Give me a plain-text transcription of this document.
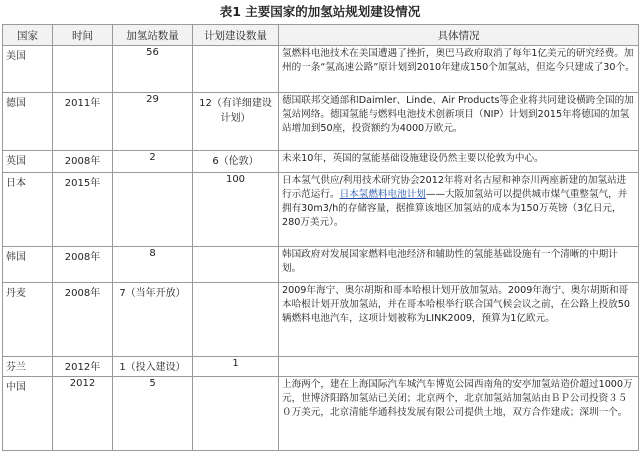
表1 主要国家的加氢站规划建设情况
国家	时间	加氢站数量	计划建设数量	具体情况
美国		56		氢燃料电池技术在美国遭遇了挫折，奥巴马政府取消了每年1亿美元的研究经费。加州的一条“氢高速公路”原计划到2010年建成150个加氢站，但迄今只建成了30个。
德国	2011年	29	12（有详细建设计划）	德国联邦交通部和Daimler、Linde、Air Products等企业将共同建设横跨全国的加氢站网络。德国氢能与燃料电池技术创新项目（NIP）计划到2015年将德国的加氢站增加到50座，投资额约为4000万欧元。
英国	2008年	2	6（伦敦）	未来10年，英国的氢能基础设施建设仍然主要以伦敦为中心。
日本	2015年		100	日本氢气供应/利用技术研究协会2012年将对名古屋和神奈川两座新建的加氢站进行示范运行。日本氢燃料电池计划——大阪加氢站可以提供城市煤气重整氢气，并拥有30m3/h的存储容量，据推算该地区加氢站的成本为150万英镑（3亿日元，280万美元）。
韩国	2008年	8		韩国政府对发展国家燃料电池经济和辅助性的氢能基础设施有一个清晰的中期计划。
丹麦	2008年	7（当年开放）		2009年海宁、奥尔胡斯和哥本哈根计划开放加氢站。2009年海宁、奥尔胡斯和哥本哈根计划开放加氢站，并在哥本哈根举行联合国气候会议之前，在公路上投放50辆燃料电池汽车，这项计划被称为LINK2009，预算为1亿欧元。
芬兰	2012年	1（投入建设）	1	
中国	2012	5		上海两个，建在上海国际汽车城汽车博览公园西南角的安亭加氢站造价超过1000万元，世博济阳路加氢站已关闭；北京两个，北京加氢站加氢站由ＢＰ公司投资３５０万美元，北京清能华通科技发展有限公司提供土地，双方合作建成；深圳一个。
